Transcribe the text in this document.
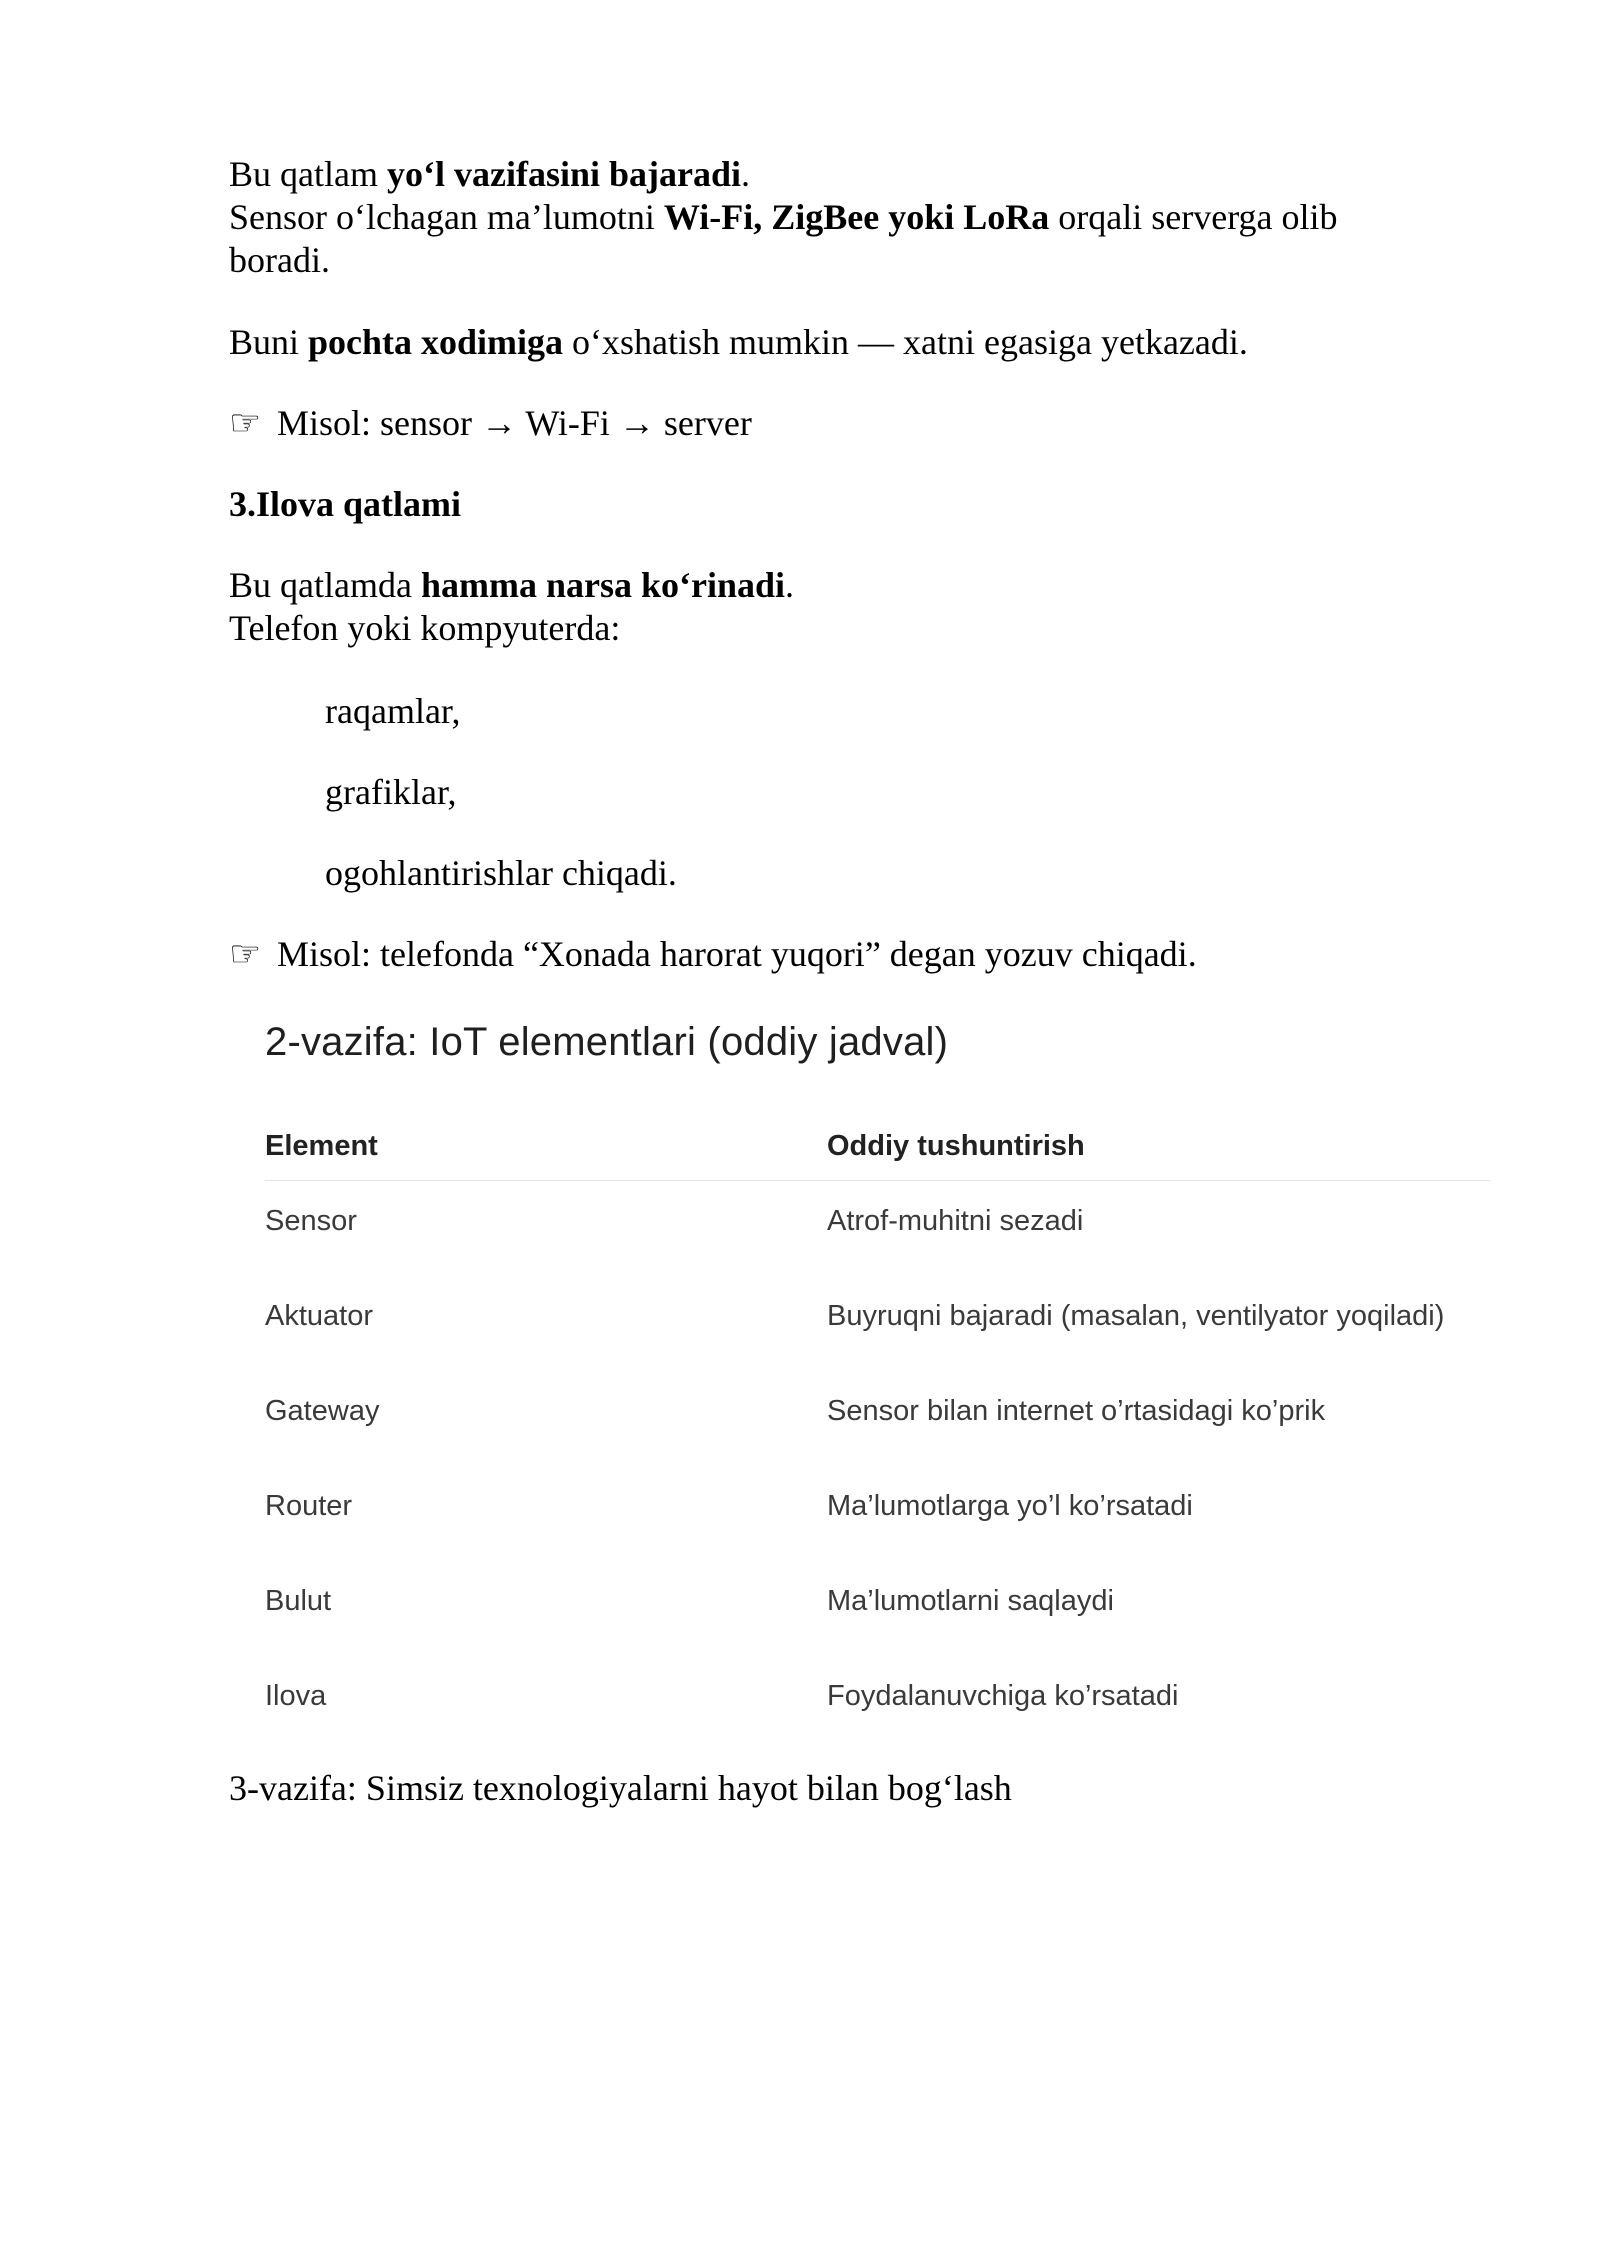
Bu qatlam yo‘l vazifasini bajaradi.
Sensor o‘lchagan ma’lumotni Wi-Fi, ZigBee yoki LoRa orqali serverga olib boradi.

Buni pochta xodimiga o‘xshatish mumkin — xatni egasiga yetkazadi.

☞ Misol: sensor → Wi-Fi → server

3.Ilova qatlami

Bu qatlamda hamma narsa ko‘rinadi.
Telefon yoki kompyuterda:

raqamlar,

grafiklar,

ogohlantirishlar chiqadi.

☞ Misol: telefonda “Xonada harorat yuqori” degan yozuv chiqadi.

2-vazifa: IoT elementlari (oddiy jadval)
Element	Oddiy tushuntirish
Sensor	Atrof-muhitni sezadi
Aktuator	Buyruqni bajaradi (masalan, ventilyator yoqiladi)
Gateway	Sensor bilan internet o’rtasidagi ko’prik
Router	Ma’lumotlarga yo’l ko’rsatadi
Bulut	Ma’lumotlarni saqlaydi
Ilova	Foydalanuvchiga ko’rsatadi

3-vazifa: Simsiz texnologiyalarni hayot bilan bog‘lash
